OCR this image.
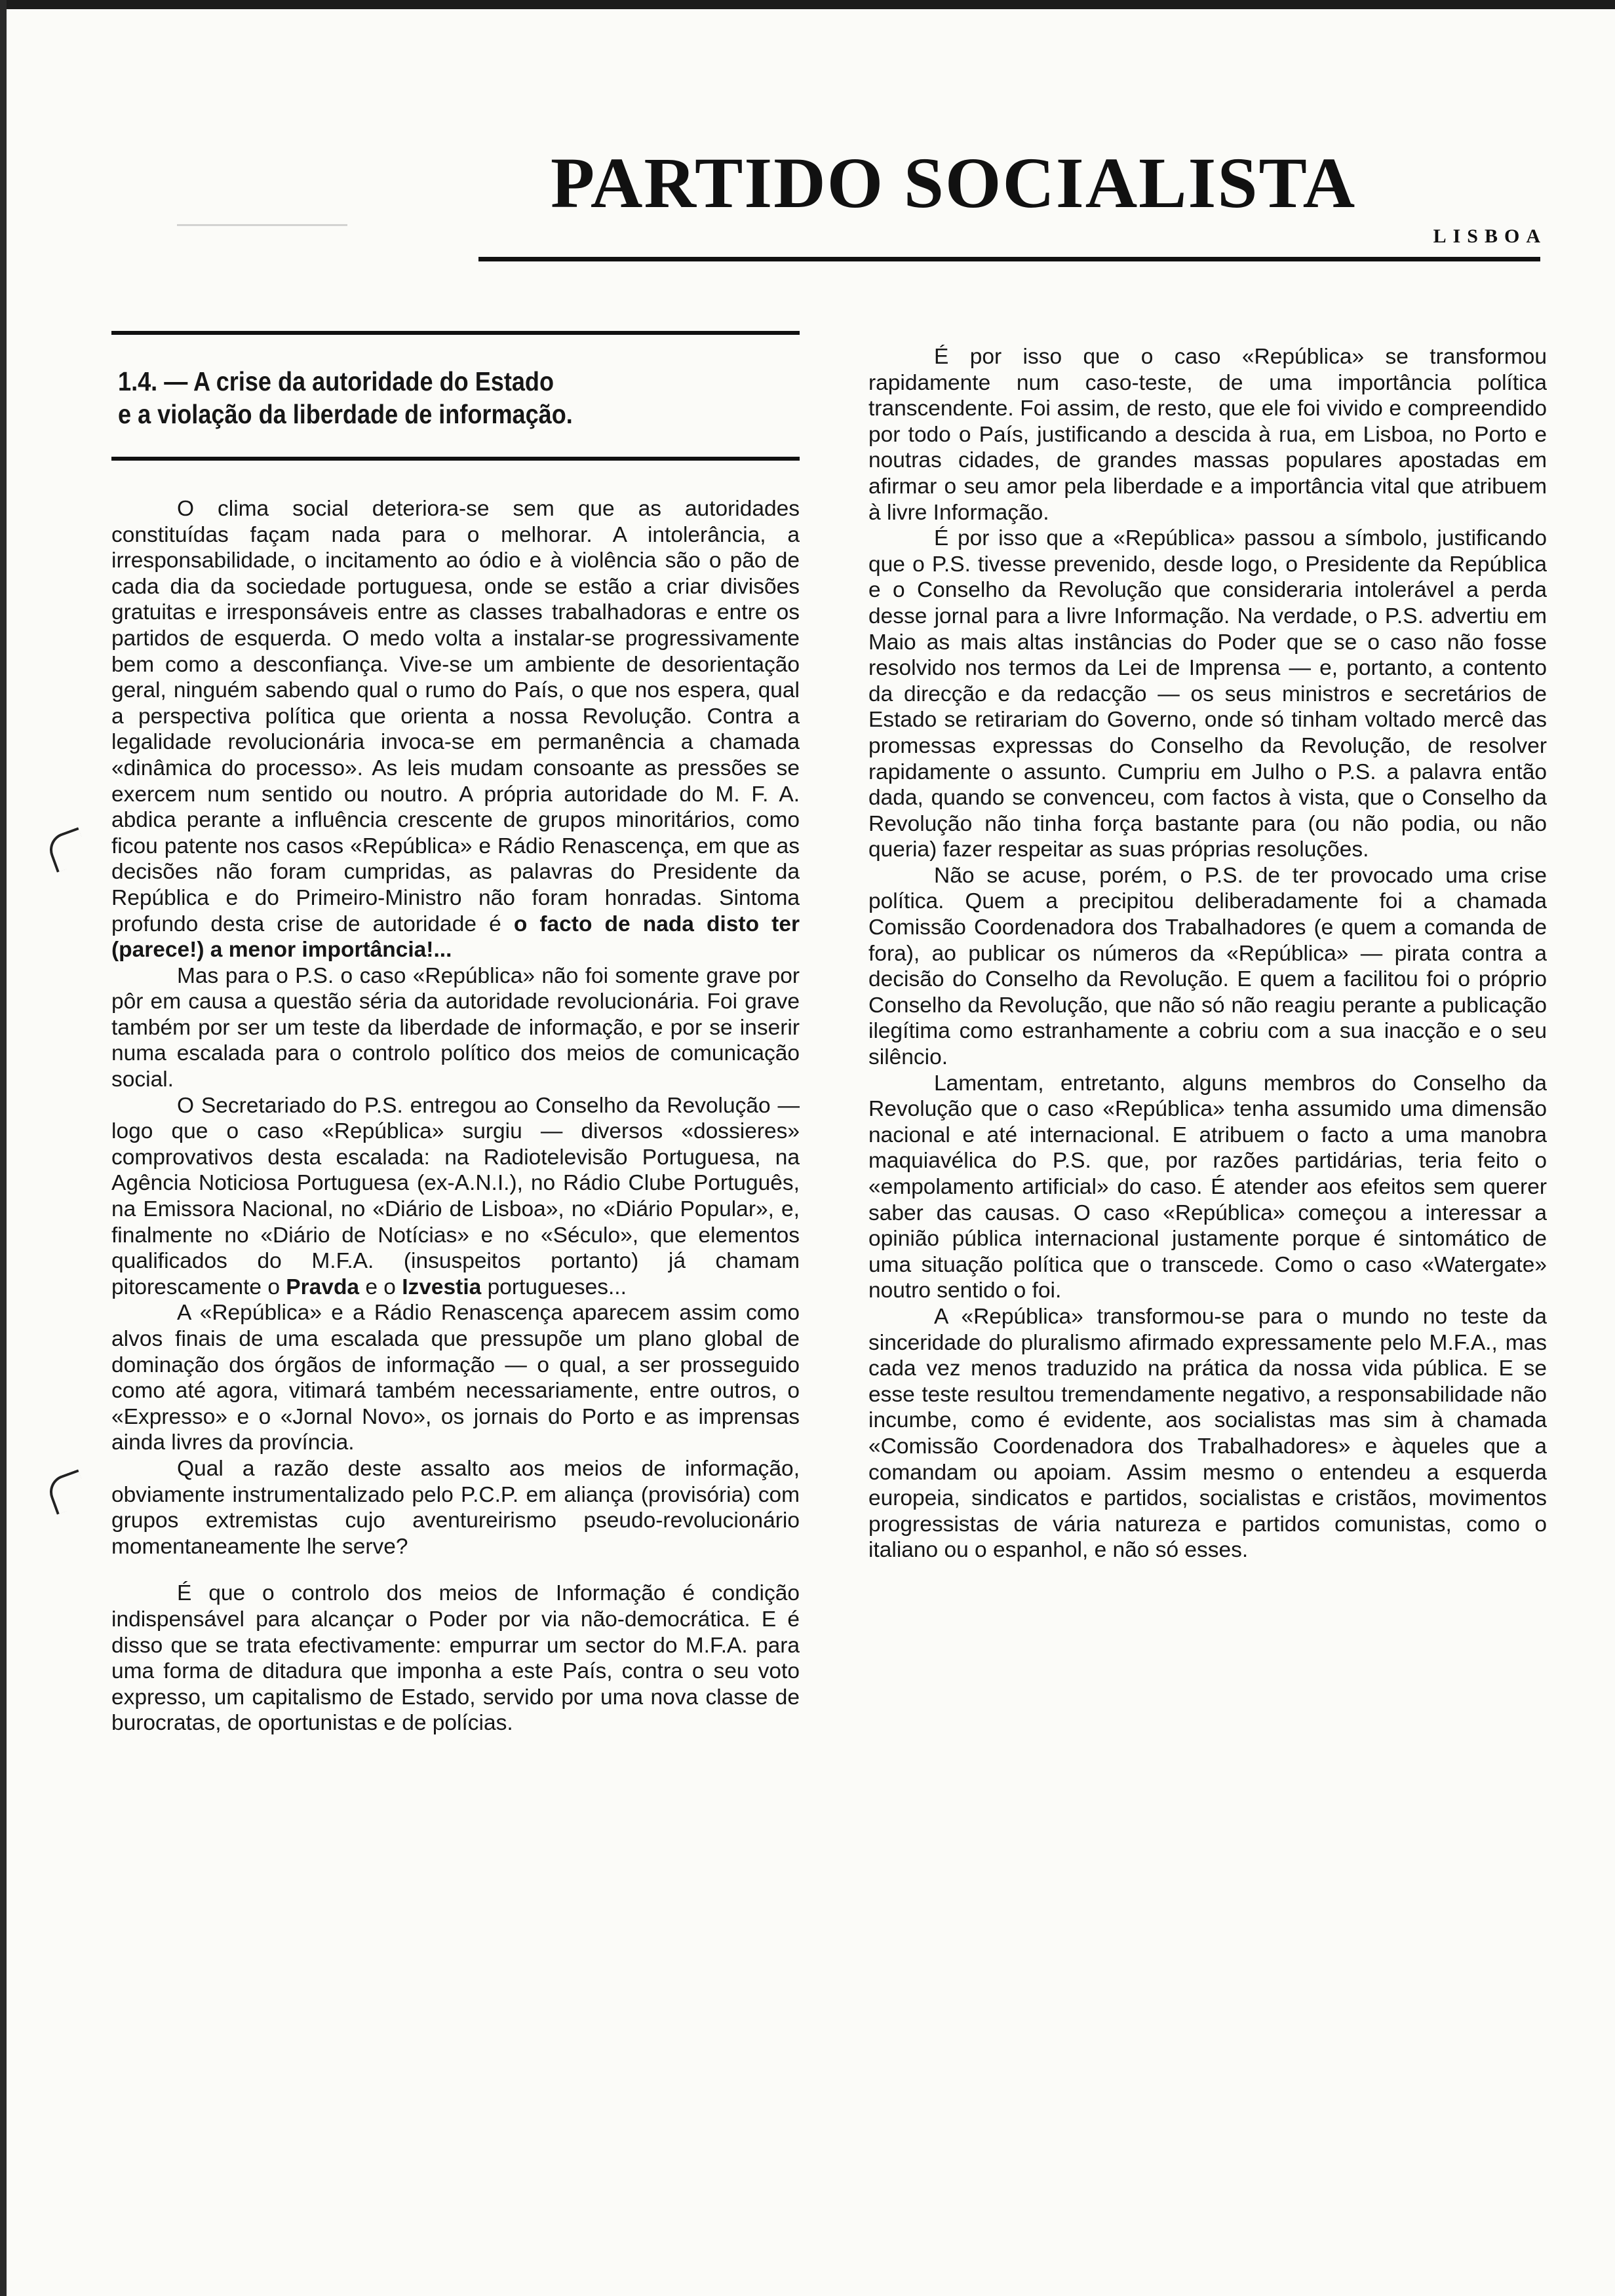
PARTIDO SOCIALISTA
LISBOA
1.4. — A crise da autoridade do Estado
e a violação da liberdade de informação.

O clima social deteriora-se sem que as autoridades constituídas façam nada para o melhorar. A intolerância, a irresponsabilidade, o incitamento ao ódio e à violência são o pão de cada dia da sociedade portuguesa, onde se estão a criar divisões gratuitas e irresponsáveis entre as classes trabalhadoras e entre os partidos de esquerda. O medo volta a instalar-se progressivamente bem como a desconfiança. Vive-se um ambiente de desorientação geral, ninguém sabendo qual o rumo do País, o que nos espera, qual a perspectiva política que orienta a nossa Revolução. Contra a legalidade revolucionária invoca-se em permanência a chamada «dinâmica do processo». As leis mudam consoante as pressões se exercem num sentido ou noutro. A própria autoridade do M. F. A. abdica perante a influência crescente de grupos minoritários, como ficou patente nos casos «República» e Rádio Renascença, em que as decisões não foram cumpridas, as palavras do Presidente da República e do Primeiro-Ministro não foram honradas. Sintoma profundo desta crise de autoridade é o facto de nada disto ter (parece!) a menor importância!...

Mas para o P.S. o caso «República» não foi somente grave por pôr em causa a questão séria da autoridade revolucionária. Foi grave também por ser um teste da liberdade de informação, e por se inserir numa escalada para o controlo político dos meios de comunicação social.

O Secretariado do P.S. entregou ao Conselho da Revolução — logo que o caso «República» surgiu — diversos «dossieres» comprovativos desta escalada: na Radiotelevisão Portuguesa, na Agência Noticiosa Portuguesa (ex-A.N.I.), no Rádio Clube Português, na Emissora Nacional, no «Diário de Lisboa», no «Diário Popular», e, finalmente no «Diário de Notícias» e no «Século», que elementos qualificados do M.F.A. (insuspeitos portanto) já chamam pitorescamente o Pravda e o Izvestia portugueses...

A «República» e a Rádio Renascença aparecem assim como alvos finais de uma escalada que pressupõe um plano global de dominação dos órgãos de informação — o qual, a ser prosseguido como até agora, vitimará também necessariamente, entre outros, o «Expresso» e o «Jornal Novo», os jornais do Porto e as imprensas ainda livres da província.

Qual a razão deste assalto aos meios de informação, obviamente instrumentalizado pelo P.C.P. em aliança (provisória) com grupos extremistas cujo aventureirismo pseudo-revolucionário momentaneamente lhe serve?

É que o controlo dos meios de Informação é condição indispensável para alcançar o Poder por via não-democrática. E é disso que se trata efectivamente: empurrar um sector do M.F.A. para uma forma de ditadura que imponha a este País, contra o seu voto expresso, um capitalismo de Estado, servido por uma nova classe de burocratas, de oportunistas e de polícias.

É por isso que o caso «República» se transformou rapidamente num caso-teste, de uma importância política transcendente. Foi assim, de resto, que ele foi vivido e compreendido por todo o País, justificando a descida à rua, em Lisboa, no Porto e noutras cidades, de grandes massas populares apostadas em afirmar o seu amor pela liberdade e a importância vital que atribuem à livre Informação.

É por isso que a «República» passou a símbolo, justificando que o P.S. tivesse prevenido, desde logo, o Presidente da República e o Conselho da Revolução que consideraria intolerável a perda desse jornal para a livre Informação. Na verdade, o P.S. advertiu em Maio as mais altas instâncias do Poder que se o caso não fosse resolvido nos termos da Lei de Imprensa — e, portanto, a contento da direcção e da redacção — os seus ministros e secretários de Estado se retirariam do Governo, onde só tinham voltado mercê das promessas expressas do Conselho da Revolução, de resolver rapidamente o assunto. Cumpriu em Julho o P.S. a palavra então dada, quando se convenceu, com factos à vista, que o Conselho da Revolução não tinha força bastante para (ou não podia, ou não queria) fazer respeitar as suas próprias resoluções.

Não se acuse, porém, o P.S. de ter provocado uma crise política. Quem a precipitou deliberadamente foi a chamada Comissão Coordenadora dos Trabalhadores (e quem a comanda de fora), ao publicar os números da «República» — pirata contra a decisão do Conselho da Revolução. E quem a facilitou foi o próprio Conselho da Revolução, que não só não reagiu perante a publicação ilegítima como estranhamente a cobriu com a sua inacção e o seu silêncio.

Lamentam, entretanto, alguns membros do Conselho da Revolução que o caso «República» tenha assumido uma dimensão nacional e até internacional. E atribuem o facto a uma manobra maquiavélica do P.S. que, por razões partidárias, teria feito o «empolamento artificial» do caso. É atender aos efeitos sem querer saber das causas. O caso «República» começou a interessar a opinião pública internacional justamente porque é sintomático de uma situação política que o transcede. Como o caso «Watergate» noutro sentido o foi.

A «República» transformou-se para o mundo no teste da sinceridade do pluralismo afirmado expressamente pelo M.F.A., mas cada vez menos traduzido na prática da nossa vida pública. E se esse teste resultou tremendamente negativo, a responsabilidade não incumbe, como é evidente, aos socialistas mas sim à chamada «Comissão Coordenadora dos Trabalhadores» e àqueles que a comandam ou apoiam. Assim mesmo o entendeu a esquerda europeia, sindicatos e partidos, socialistas e cristãos, movimentos progressistas de vária natureza e partidos comunistas, como o italiano ou o espanhol, e não só esses.
